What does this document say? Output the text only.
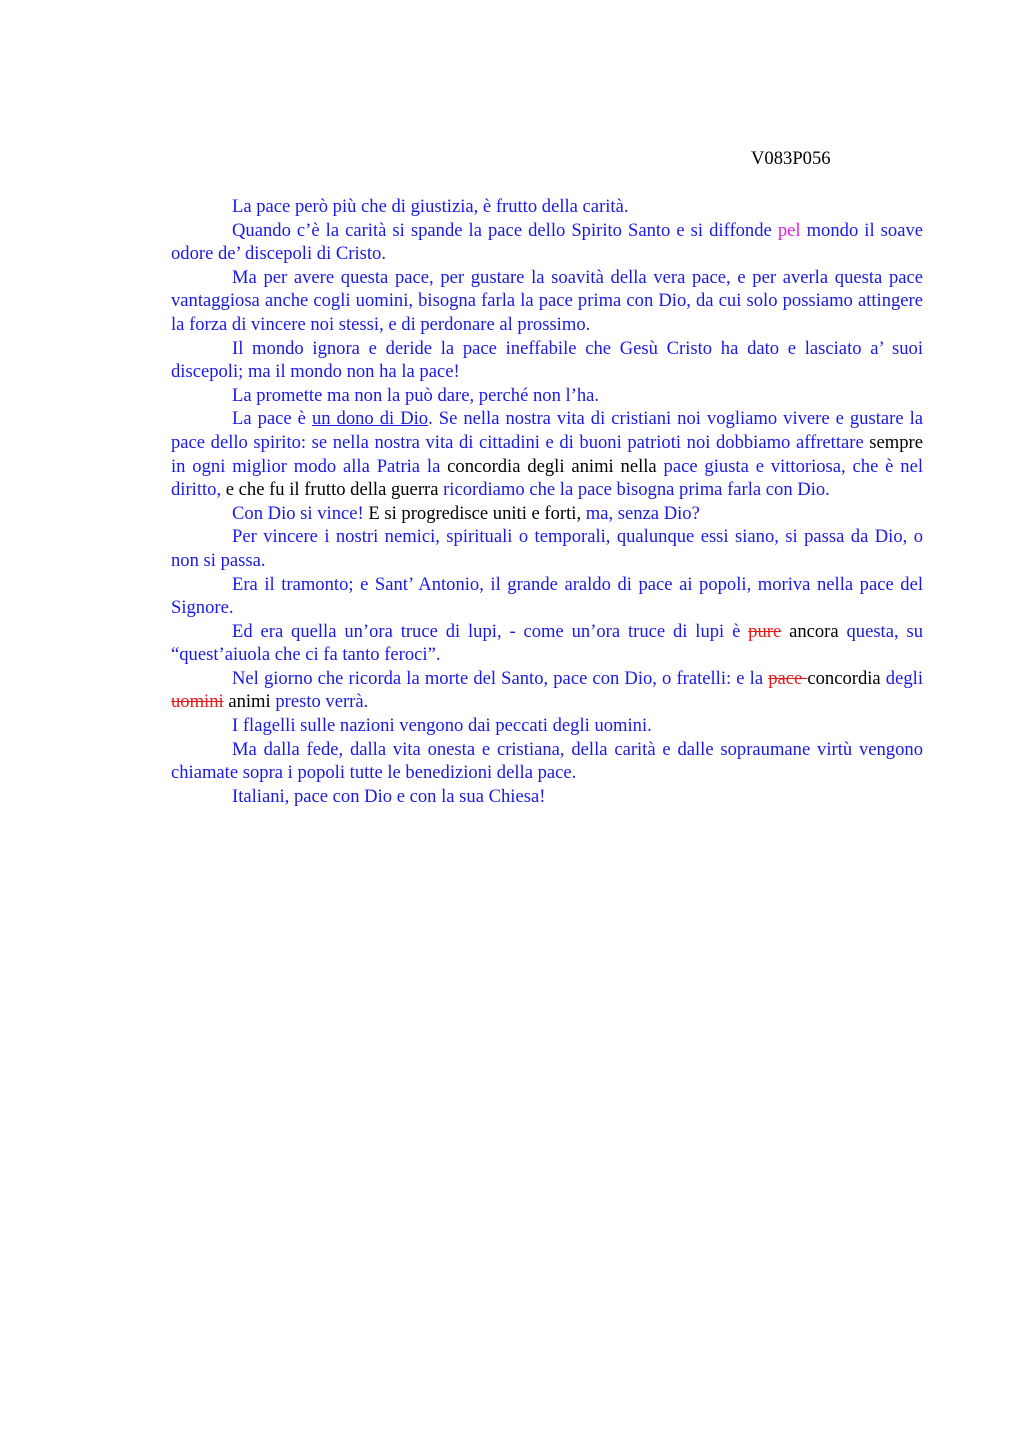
V083P056

La pace però più che di giustizia, è frutto della carità.

Quando c’è la carità si spande la pace dello Spirito Santo e si diffonde pel mondo il soave odore de’ discepoli di Cristo.

Ma per avere questa pace, per gustare la soavità della vera pace, e per averla questa pace vantaggiosa anche cogli uomini, bisogna farla la pace prima con Dio, da cui solo possiamo attingere la forza di vincere noi stessi, e di perdonare al prossimo.

Il mondo ignora e deride la pace ineffabile che Gesù Cristo ha dato e lasciato a’ suoi discepoli; ma il mondo non ha la pace!

La promette ma non la può dare, perché non l’ha.

La pace è un dono di Dio. Se nella nostra vita di cristiani noi vogliamo vivere e gustare la pace dello spirito: se nella nostra vita di cittadini e di buoni patrioti noi dobbiamo affrettare sempre in ogni miglior modo alla Patria la concordia degli animi nella pace giusta e vittoriosa, che è nel diritto, e che fu il frutto della guerra ricordiamo che la pace bisogna prima farla con Dio.

Con Dio si vince! E si progredisce uniti e forti, ma, senza Dio?

Per vincere i nostri nemici, spirituali o temporali, qualunque essi siano, si passa da Dio, o non si passa.

Era il tramonto; e Sant’ Antonio, il grande araldo di pace ai popoli, moriva nella pace del Signore.

Ed era quella un’ora truce di lupi, - come un’ora truce di lupi è pure ancora questa, su “quest’aiuola che ci fa tanto feroci”.

Nel giorno che ricorda la morte del Santo, pace con Dio, o fratelli: e la pace concordia degli uomini animi presto verrà.

I flagelli sulle nazioni vengono dai peccati degli uomini.

Ma dalla fede, dalla vita onesta e cristiana, della carità e dalle sopraumane virtù vengono chiamate sopra i popoli tutte le benedizioni della pace.

Italiani, pace con Dio e con la sua Chiesa!
